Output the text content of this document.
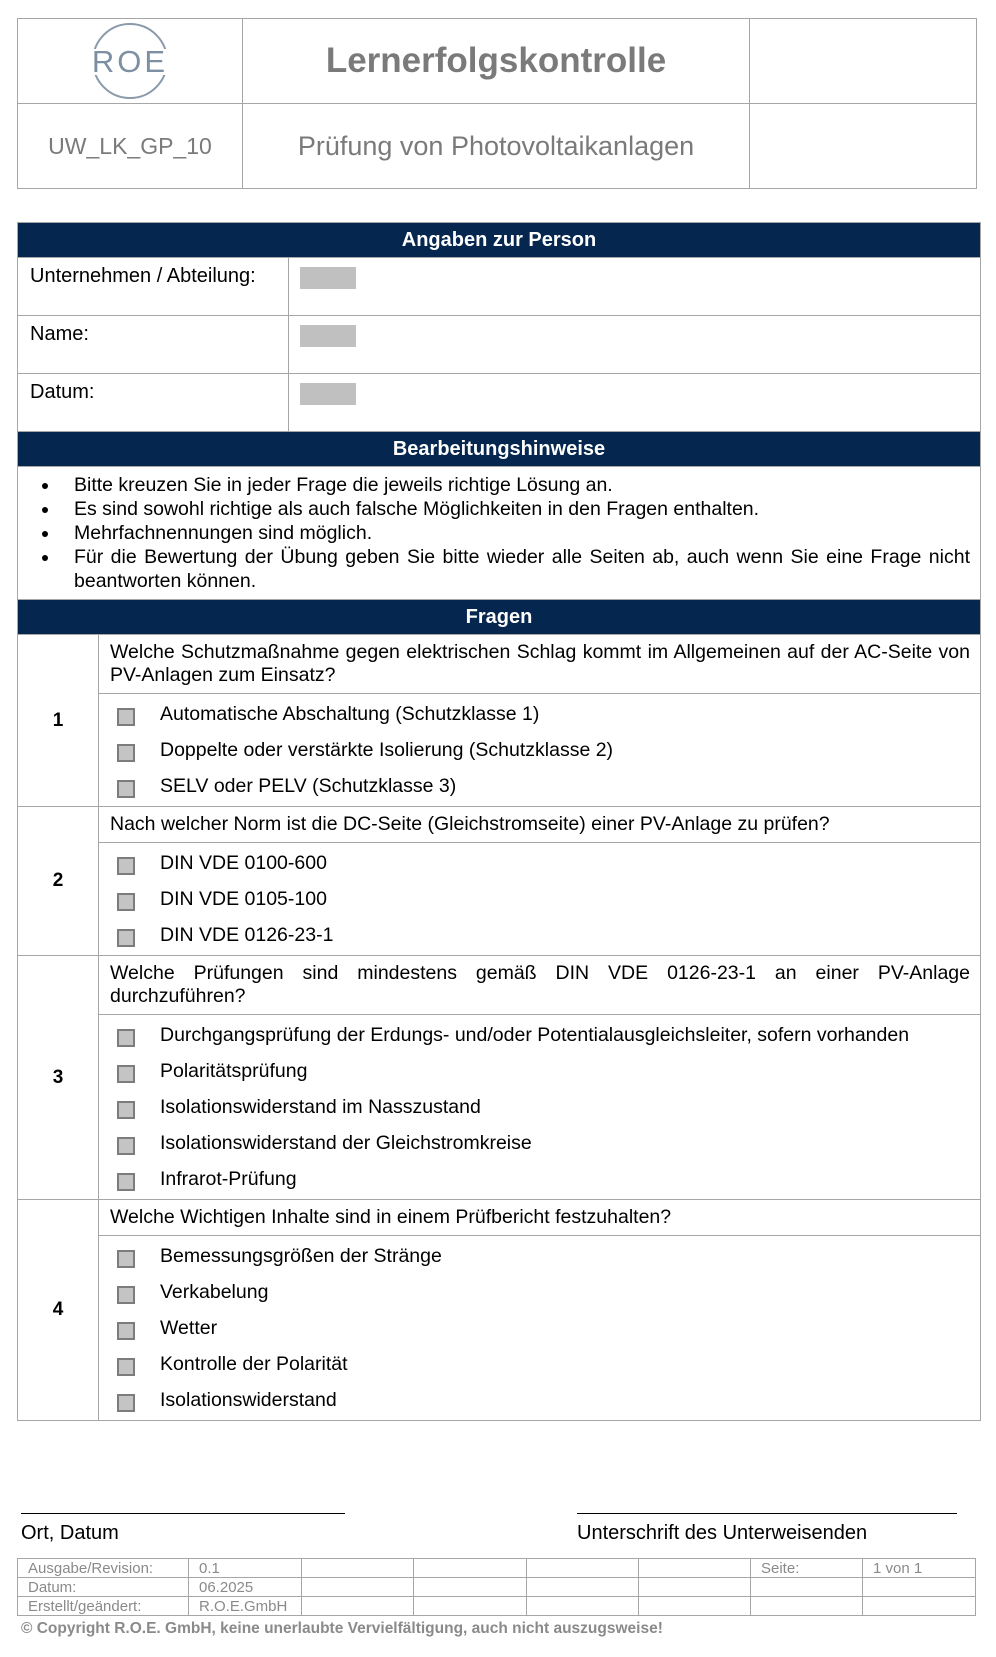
ROE	Lernerfolgskontrolle	
UW_LK_GP_10	Prüfung von Photovoltaikanlagen	
Angaben zur Person
Unternehmen / Abteilung:	
Name:	
Datum:	
Bearbeitungshinweise

• Bitte kreuzen Sie in jeder Frage die jeweils richtige Lösung an.
• Es sind sowohl richtige als auch falsche Möglichkeiten in den Fragen enthalten.
• Mehrfachnennungen sind möglich.
• Für die Bewertung der Übung geben Sie bitte wieder alle Seiten ab, auch wenn Sie eine Frage nicht beantworten können.

Fragen
1	Welche Schutzmaßnahme gegen elektrischen Schlag kommt im Allgemeinen auf der AC-Seite von PV-Anlagen zum Einsatz?

Automatische Abschaltung (Schutzklasse 1)
Doppelte oder verstärkte Isolierung (Schutzklasse 2)
SELV oder PELV (Schutzklasse 3)

2	Nach welcher Norm ist die DC-Seite (Gleichstromseite) einer PV-Anlage zu prüfen?

DIN VDE 0100-600
DIN VDE 0105-100
DIN VDE 0126-23-1

3	Welche Prüfungen sind mindestens gemäß DIN VDE 0126-23-1 an einer PV-Anlage durchzuführen?

Durchgangsprüfung der Erdungs- und/oder Potentialausgleichsleiter, sofern vorhanden
Polaritätsprüfung
Isolationswiderstand im Nasszustand
Isolationswiderstand der Gleichstromkreise
Infrarot-Prüfung

4	Welche Wichtigen Inhalte sind in einem Prüfbericht festzuhalten?

Bemessungsgrößen der Stränge
Verkabelung
Wetter
Kontrolle der Polarität
Isolationswiderstand
Ort, Datum	Unterschrift des Unterweisenden
Ausgabe/Revision:	0.1					Seite:	1 von 1
Datum:	06.2025						
Erstellt/geändert:	R.O.E.GmbH						
© Copyright R.O.E. GmbH, keine unerlaubte Vervielfältigung, auch nicht auszugsweise!
